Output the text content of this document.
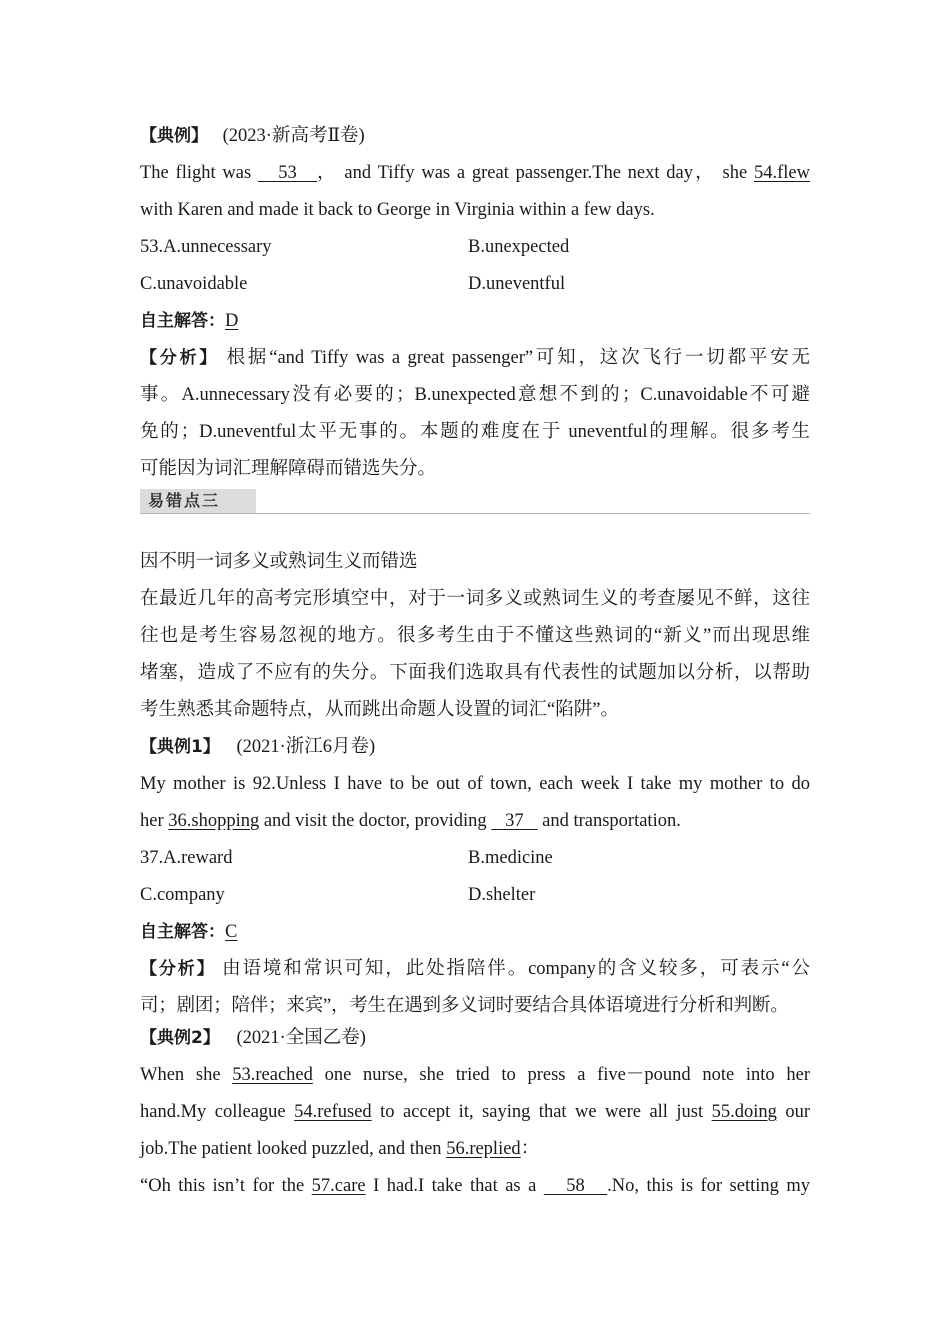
【典例】 (2023·新高考Ⅱ卷)
The flight was    53   ， and Tiffy was a great passenger.The next day， she 54.flew
with Karen and made it back to George in Virginia within a few days.
53.A.unnecessary	B.unexpected
C.unavoidable	D.uneventful
自主解答：D
【分析】 根据“and Tiffy was a great passenger”可知，这次飞行一切都平安无
事。A.unnecessary没有必要的；B.unexpected意想不到的；C.unavoidable不可避
免的；D.uneventful太平无事的。本题的难度在于 uneventful的理解。很多考生
可能因为词汇理解障碍而错选失分。
易错点三
因不明一词多义或熟词生义而错选
在最近几年的高考完形填空中，对于一词多义或熟词生义的考查屡见不鲜，这往
往也是考生容易忽视的地方。很多考生由于不懂这些熟词的“新义”而出现思维
堵塞，造成了不应有的失分。下面我们选取具有代表性的试题加以分析，以帮助
考生熟悉其命题特点，从而跳出命题人设置的词汇“陷阱”。
【典例1】 (2021·浙江6月卷)
My mother is 92.Unless I have to be out of town, each week I take my mother to do
her 36.shopping and visit the doctor, providing    37    and transportation.
37.A.reward	B.medicine
C.company	D.shelter
自主解答：C
【分析】 由语境和常识可知，此处指陪伴。company的含义较多，可表示“公
司；剧团；陪伴；来宾”，考生在遇到多义词时要结合具体语境进行分析和判断。
【典例2】 (2021·全国乙卷)
When she 53.reached one nurse, she tried to press a five－pound note into her
hand.My colleague 54.refused to accept it, saying that we were all just 55.doing our
job.The patient looked puzzled, and then 56.replied：
“Oh this isn’t for the 57.care I had.I take that as a    58   .No, this is for setting my
